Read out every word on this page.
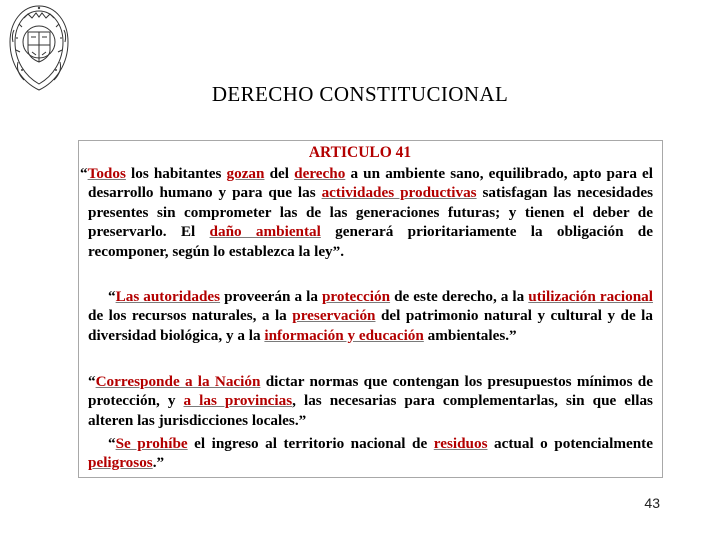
DERECHO CONSTITUCIONAL
ARTICULO 41

“Todos los habitantes gozan del derecho a un ambiente sano, equilibrado, apto para el desarrollo humano y para que las actividades productivas satisfagan las necesidades presentes sin comprometer las de las generaciones futuras; y tienen el deber de preservarlo. El daño ambiental generará prioritariamente la obligación de recomponer, según lo establezca la ley”.

“Las autoridades proveerán a la protección de este derecho, a la utilización racional de los recursos naturales, a la preservación del patrimonio natural y cultural y de la diversidad biológica, y a la información y educación ambientales.”

“Corresponde a la Nación dictar normas que contengan los presupuestos mínimos de protección, y a las provincias, las necesarias para complementarlas, sin que ellas alteren las jurisdicciones locales.”

“Se prohíbe el ingreso al territorio nacional de residuos actual o potencialmente peligrosos.”

43
